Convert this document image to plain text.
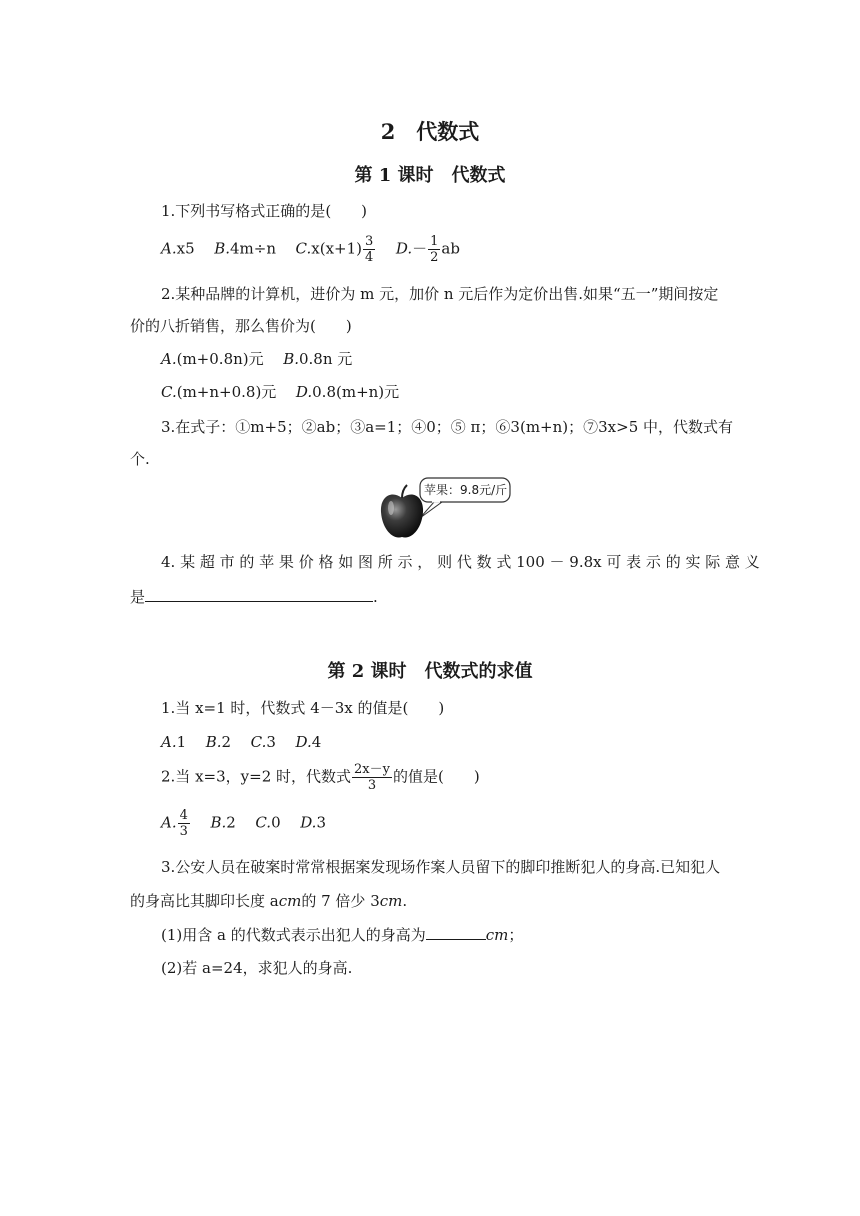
2　代数式
第 1 课时　代数式
1.下列书写格式正确的是(　　)
A.x5 B.4m÷n $C.x(x+1) \frac{3}{4} D.- \frac{1}{2}$ ab
2.某种品牌的计算机，进价为 m 元，加价 n 元后作为定价出售.如果“五一”期间按定
价的八折销售，那么售价为(　　)
A.(m+0.8n)元 B.0.8n 元
C.(m+n+0.8)元 D.0.8(m+n)元
3.在式子：①m+5；②ab；③a=1；④0；⑤ π；⑥3(m+n)；⑦3x>5 中，代数式有
个.
苹果：9.8元/斤
4. 某 超 市 的 苹 果 价 格 如 图 所 示 ， 则 代 数 式 100 － 9.8x 可 表 示 的 实 际 意 义
是	.
第 2 课时　代数式的求值
1.当 x=1 时，代数式 4－3x 的值是(　　)
A.1 B.2 C.3 D.4
2.当 x=3，y=2 时，代数式 $\frac{2x-y}{3}$ 的值是(　　)
A. $\frac{4}{3} B.2$ C.0 D.3
3.公安人员在破案时常常根据案发现场作案人员留下的脚印推断犯人的身高.已知犯人
的身高比其脚印长度 acm的 7 倍少 3cm.
(1)用含 a 的代数式表示出犯人的身高为	cm；
(2)若 a=24，求犯人的身高.
